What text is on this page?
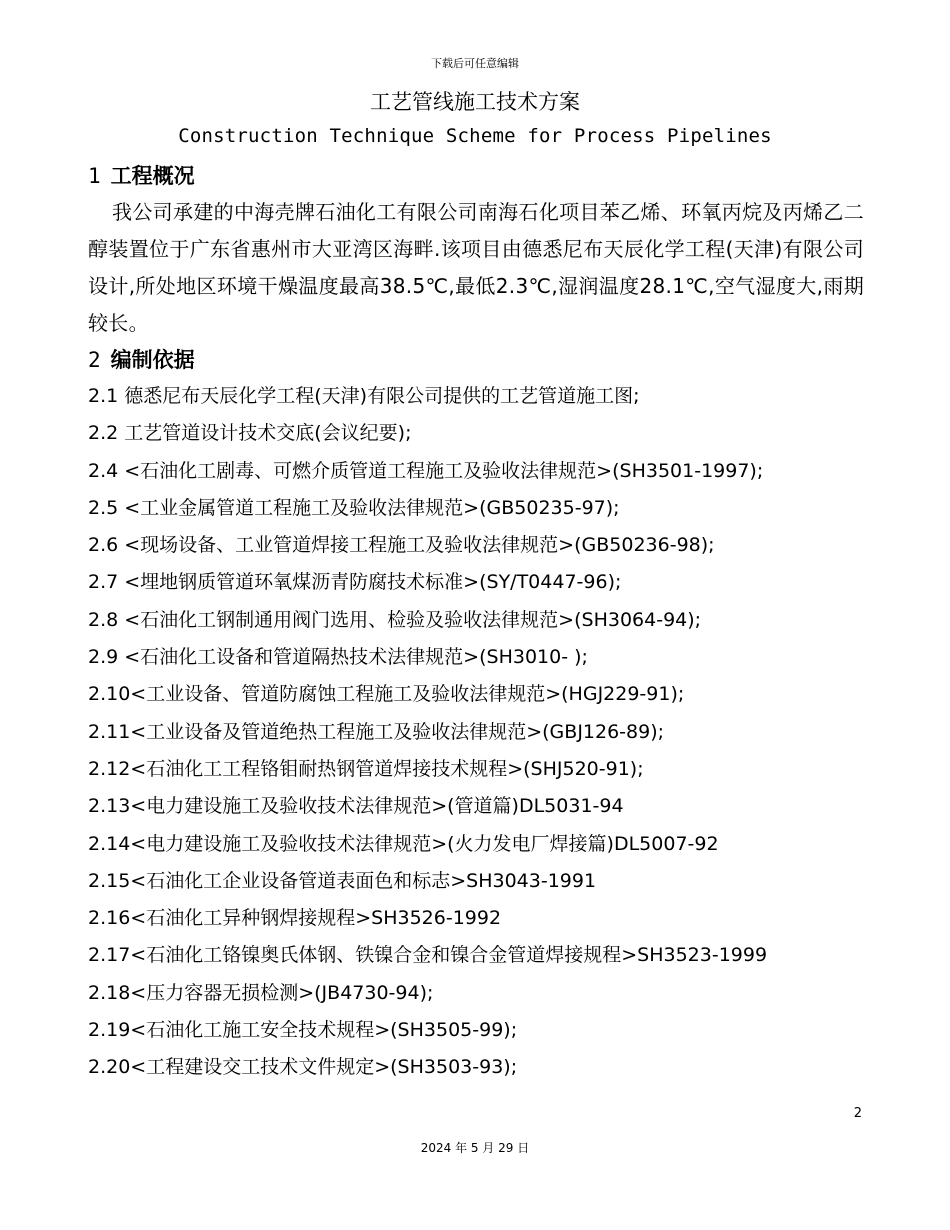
下载后可任意编辑
工艺管线施工技术方案
Construction Technique Scheme for Process Pipelines
1 工程概况
我公司承建的中海壳牌石油化工有限公司南海石化项目苯乙烯、环氧丙烷及丙烯乙二醇装置位于广东省惠州市大亚湾区海畔.该项目由德悉尼布天辰化学工程(天津)有限公司设计,所处地区环境干燥温度最高38.5℃,最低2.3℃,湿润温度28.1℃,空气湿度大,雨期较长。
2 编制依据
2.1 德悉尼布天辰化学工程(天津)有限公司提供的工艺管道施工图;
2.2 工艺管道设计技术交底(会议纪要);
2.4 <石油化工剧毒、可燃介质管道工程施工及验收法律规范>(SH3501-1997);
2.5 <工业金属管道工程施工及验收法律规范>(GB50235-97);
2.6 <现场设备、工业管道焊接工程施工及验收法律规范>(GB50236-98);
2.7 <埋地钢质管道环氧煤沥青防腐技术标准>(SY/T0447-96);
2.8 <石油化工钢制通用阀门选用、检验及验收法律规范>(SH3064-94);
2.9 <石油化工设备和管道隔热技术法律规范>(SH3010- );
2.10<工业设备、管道防腐蚀工程施工及验收法律规范>(HGJ229-91);
2.11<工业设备及管道绝热工程施工及验收法律规范>(GBJ126-89);
2.12<石油化工工程铬钼耐热钢管道焊接技术规程>(SHJ520-91);
2.13<电力建设施工及验收技术法律规范>(管道篇)DL5031-94
2.14<电力建设施工及验收技术法律规范>(火力发电厂焊接篇)DL5007-92
2.15<石油化工企业设备管道表面色和标志>SH3043-1991
2.16<石油化工异种钢焊接规程>SH3526-1992
2.17<石油化工铬镍奥氏体钢、铁镍合金和镍合金管道焊接规程>SH3523-1999
2.18<压力容器无损检测>(JB4730-94);
2.19<石油化工施工安全技术规程>(SH3505-99);
2.20<工程建设交工技术文件规定>(SH3503-93);
2
2024 年 5 月 29 日
